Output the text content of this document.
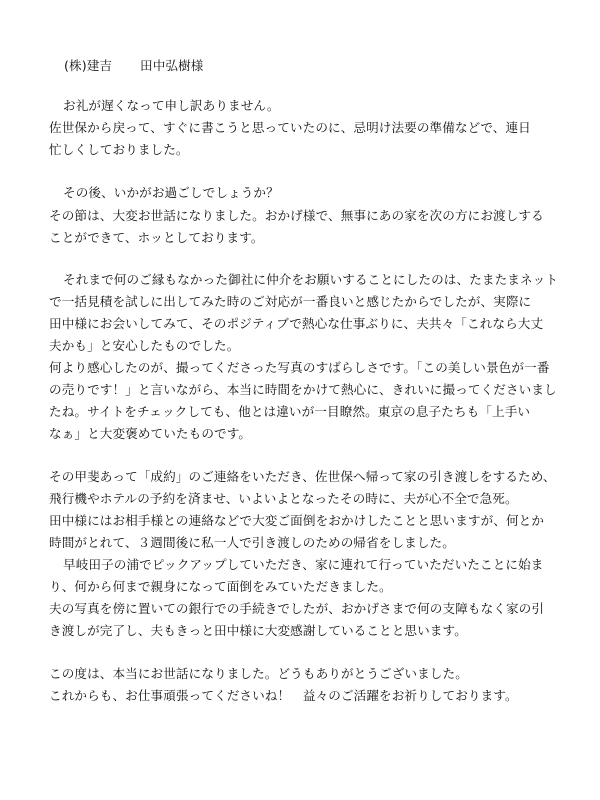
(株)建吉 田中弘樹様
お礼が遅くなって申し訳ありません。
佐世保から戻って、すぐに書こうと思っていたのに、忌明け法要の準備などで、連日
忙しくしておりました。
その後、いかがお過ごしでしょうか？
その節は、大変お世話になりました。おかげ様で、無事にあの家を次の方にお渡しする
ことができて、ホッとしております。
それまで何のご縁もなかった御社に仲介をお願いすることにしたのは、たまたまネット
で一括見積を試しに出してみた時のご対応が一番良いと感じたからでしたが、実際に
田中様にお会いしてみて、そのポジティブで熱心な仕事ぶりに、夫共々「これなら大丈
夫かも」と安心したものでした。
何より感心したのが、撮ってくださった写真のすばらしさです。「この美しい景色が一番
の売りです！」と言いながら、本当に時間をかけて熱心に、きれいに撮ってくださいまし
たね。サイトをチェックしても、他とは違いが一目瞭然。東京の息子たちも「上手い
なぁ」と大変褒めていたものです。
その甲斐あって「成約」のご連絡をいただき、佐世保へ帰って家の引き渡しをするため、
飛行機やホテルの予約を済ませ、いよいよとなったその時に、夫が心不全で急死。
田中様にはお相手様との連絡などで大変ご面倒をおかけしたことと思いますが、何とか
時間がとれて、３週間後に私一人で引き渡しのための帰省をしました。
早岐田子の浦でピックアップしていただき、家に連れて行っていただいたことに始ま
り、何から何まで親身になって面倒をみていただきました。
夫の写真を傍に置いての銀行での手続きでしたが、おかげさまで何の支障もなく家の引
き渡しが完了し、夫もきっと田中様に大変感謝していることと思います。
この度は、本当にお世話になりました。どうもありがとうございました。
これからも、お仕事頑張ってくださいね！　益々のご活躍をお祈りしております。
